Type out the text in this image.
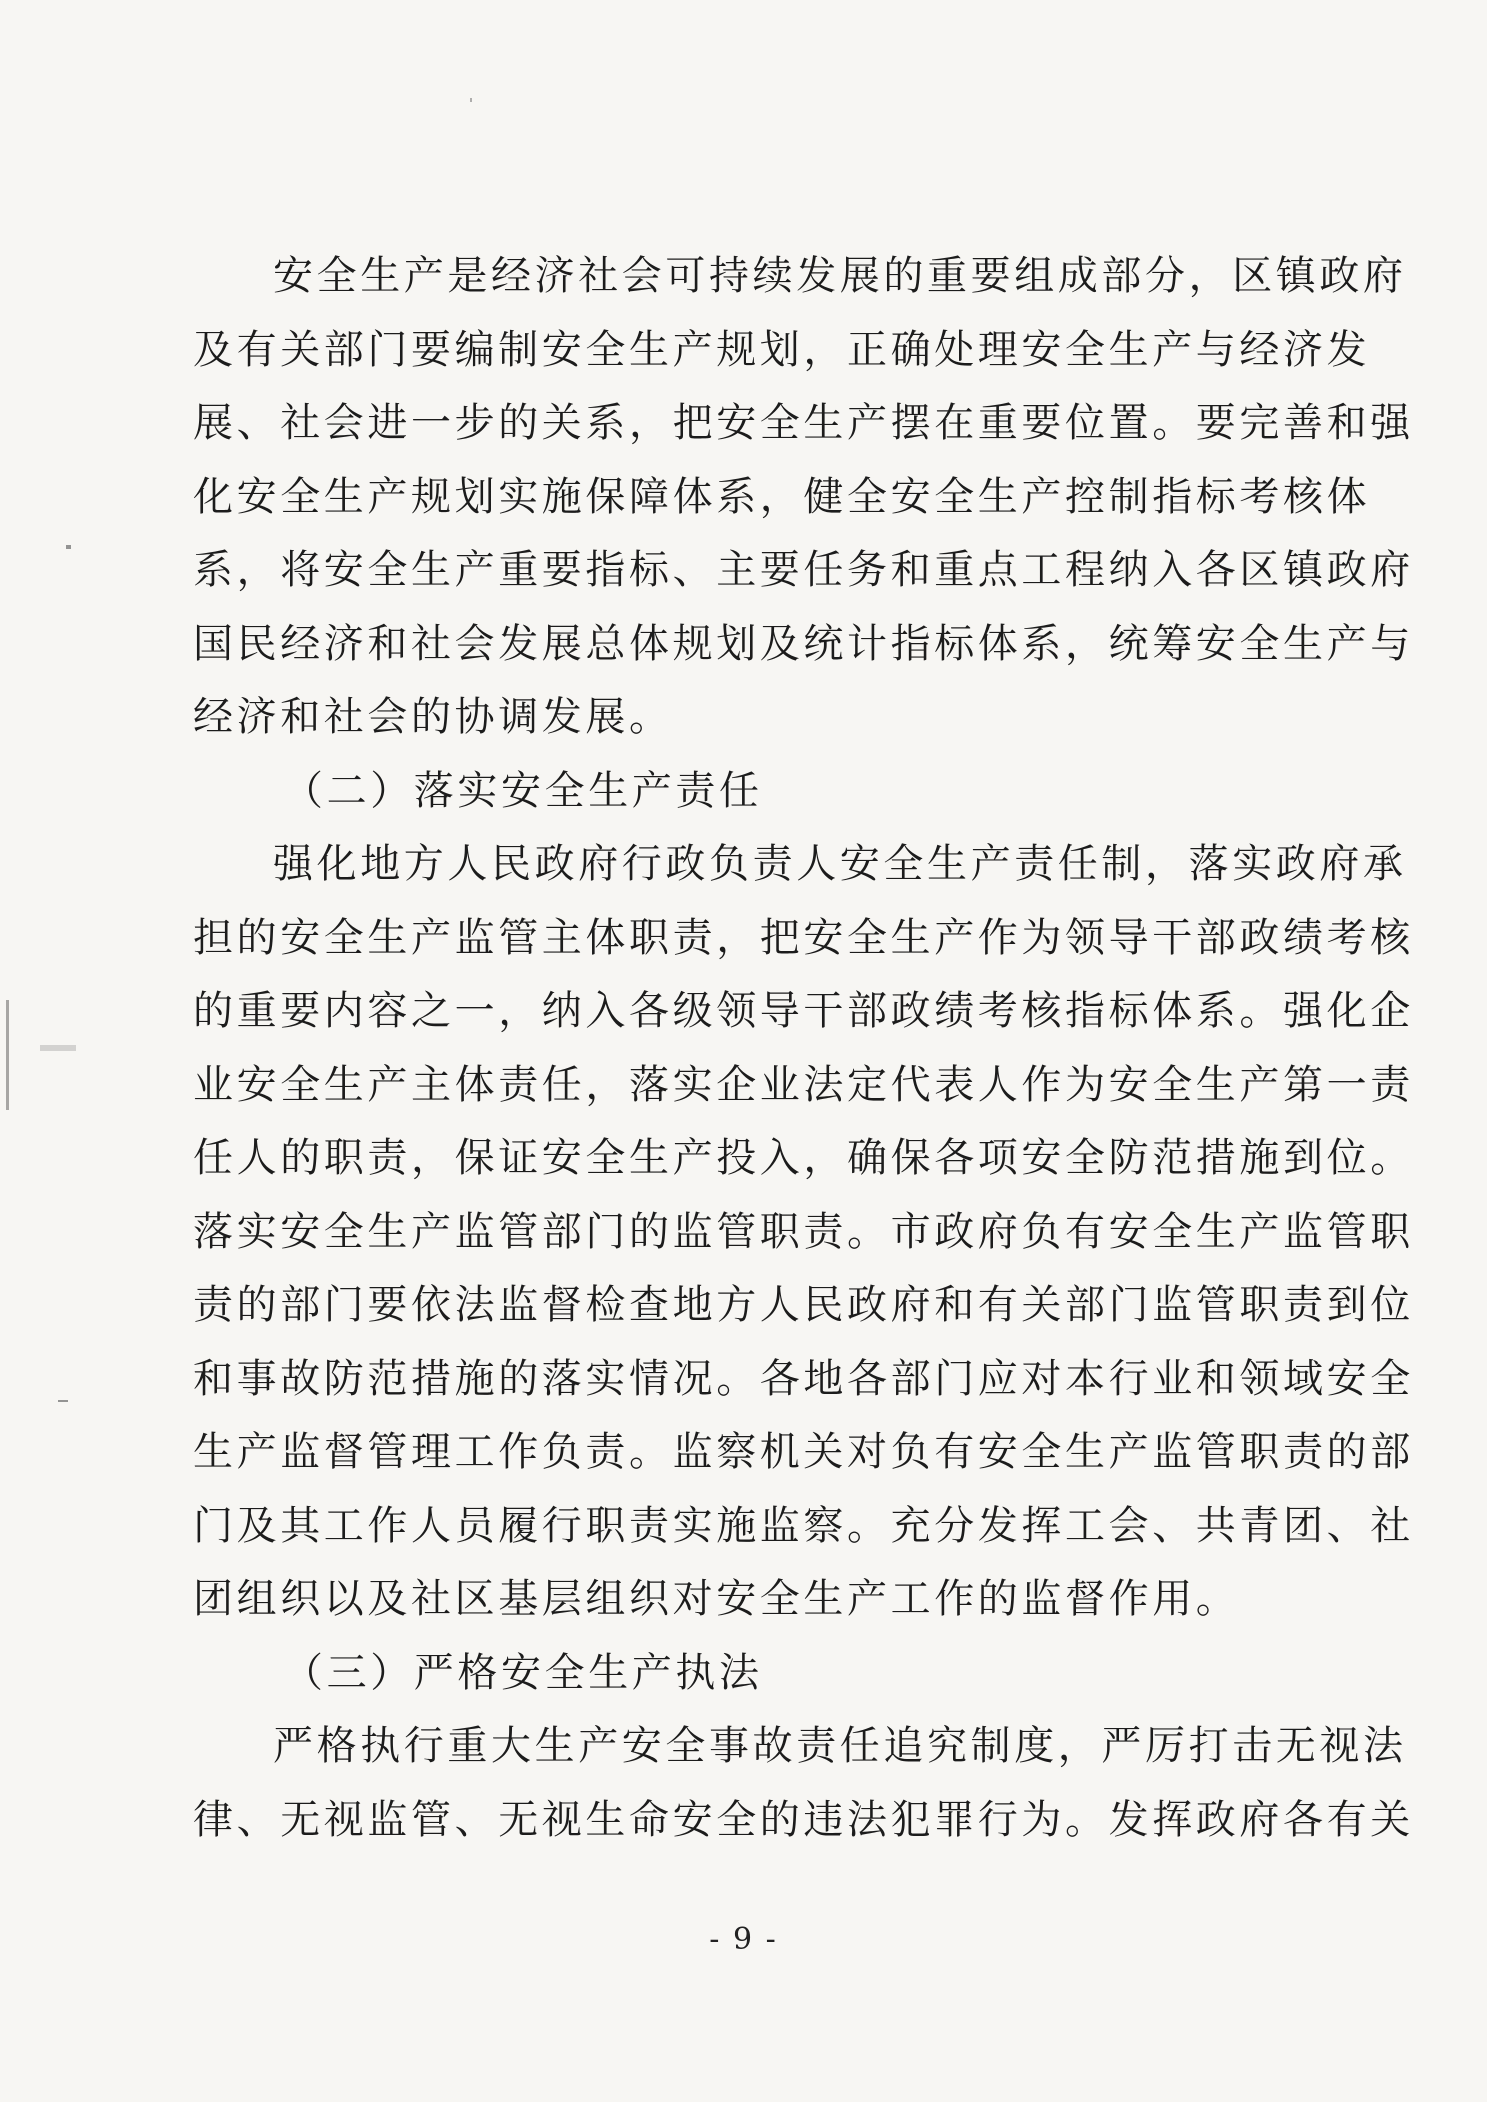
安全生产是经济社会可持续发展的重要组成部分，区镇政府
及有关部门要编制安全生产规划，正确处理安全生产与经济发
展、社会进一步的关系，把安全生产摆在重要位置。要完善和强
化安全生产规划实施保障体系，健全安全生产控制指标考核体
系，将安全生产重要指标、主要任务和重点工程纳入各区镇政府
国民经济和社会发展总体规划及统计指标体系，统筹安全生产与
经济和社会的协调发展。
（二）落实安全生产责任
强化地方人民政府行政负责人安全生产责任制，落实政府承
担的安全生产监管主体职责，把安全生产作为领导干部政绩考核
的重要内容之一，纳入各级领导干部政绩考核指标体系。强化企
业安全生产主体责任，落实企业法定代表人作为安全生产第一责
任人的职责，保证安全生产投入，确保各项安全防范措施到位。
落实安全生产监管部门的监管职责。市政府负有安全生产监管职
责的部门要依法监督检查地方人民政府和有关部门监管职责到位
和事故防范措施的落实情况。各地各部门应对本行业和领域安全
生产监督管理工作负责。监察机关对负有安全生产监管职责的部
门及其工作人员履行职责实施监察。充分发挥工会、共青团、社
团组织以及社区基层组织对安全生产工作的监督作用。
（三）严格安全生产执法
严格执行重大生产安全事故责任追究制度，严厉打击无视法
律、无视监管、无视生命安全的违法犯罪行为。发挥政府各有关
- 9 -
